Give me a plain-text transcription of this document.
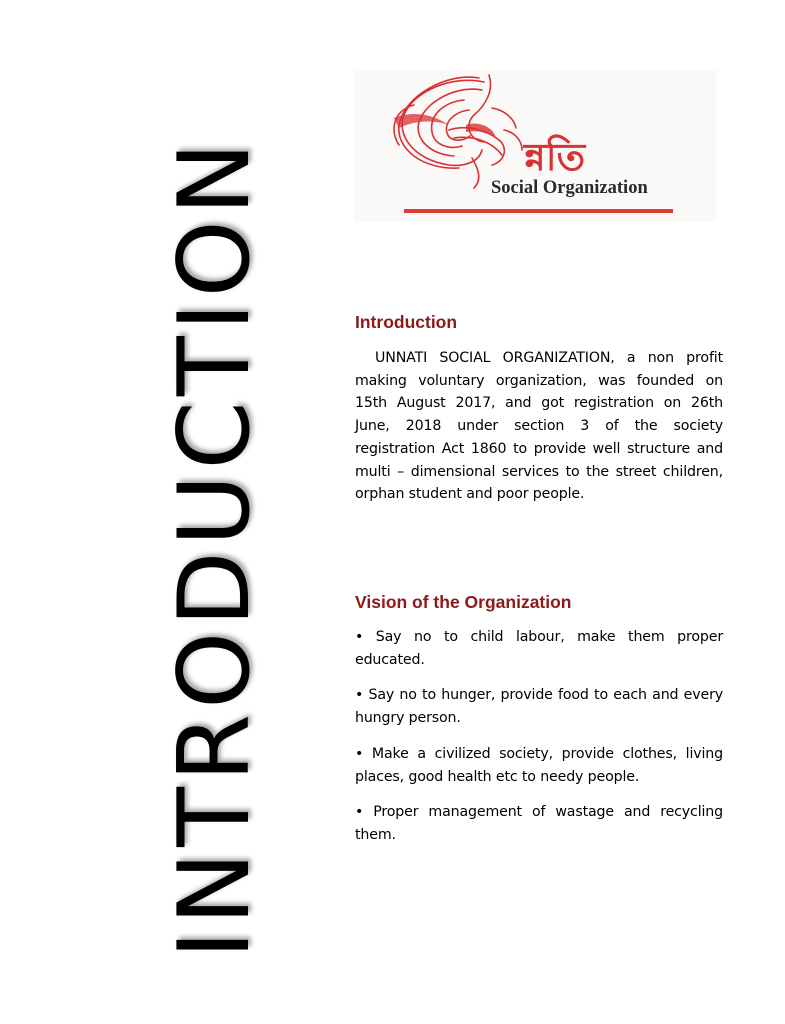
INTRODUCTION	ন্নতি
Social Organization
Introduction

UNNATI SOCIAL ORGANIZATION, a non profit making voluntary organization, was founded on 15th August 2017, and got registration on 26th June, 2018 under section 3 of the society registration Act 1860 to provide well structure and multi – dimensional services to the street children, orphan student and poor people.

Vision of the Organization

• Say no to child labour, make them proper educated.

• Say no to hunger, provide food to each and every hungry person.

• Make a civilized society, provide clothes, living places, good health etc to needy people.

• Proper management of wastage and recycling them.
